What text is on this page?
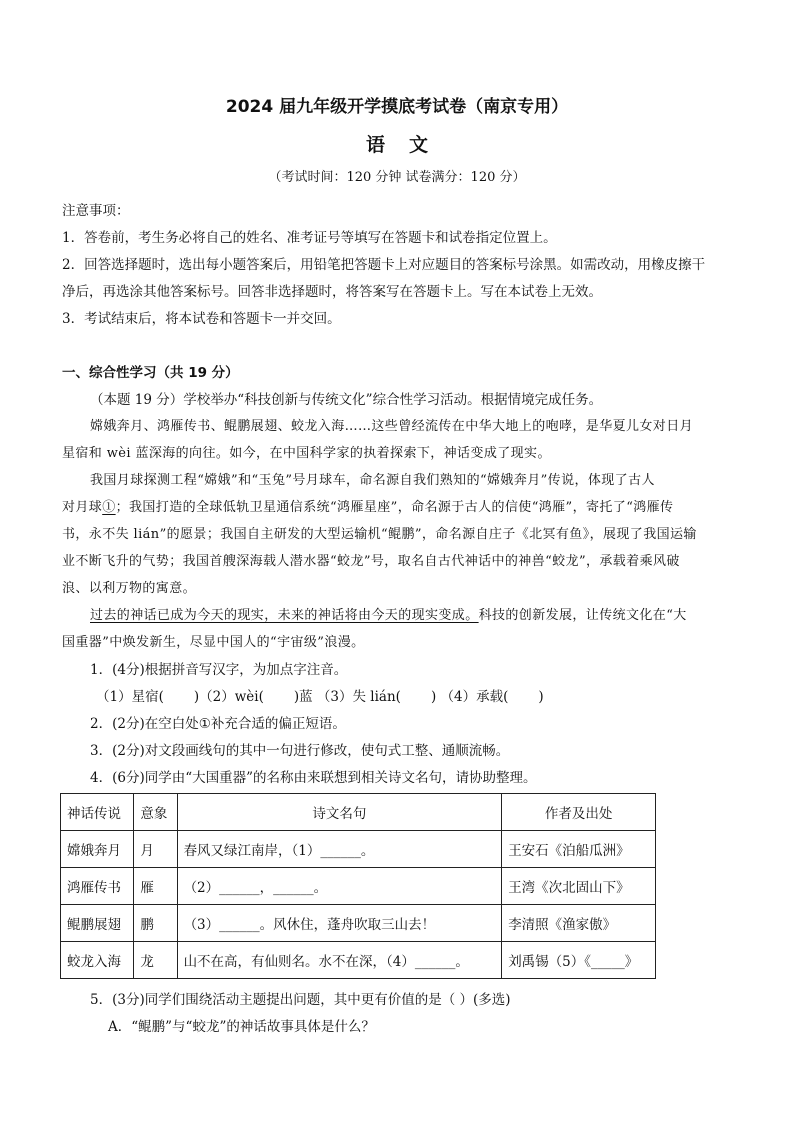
2024 届九年级开学摸底考试卷（南京专用）
语文
（考试时间：120 分钟 试卷满分：120 分）
注意事项：
1．答卷前，考生务必将自己的姓名、准考证号等填写在答题卡和试卷指定位置上。
2．回答选择题时，选出每小题答案后，用铅笔把答题卡上对应题目的答案标号涂黑。如需改动，用橡皮擦干
净后，再选涂其他答案标号。回答非选择题时，将答案写在答题卡上。写在本试卷上无效。
3．考试结束后，将本试卷和答题卡一并交回。
一、综合性学习（共 19 分）
（本题 19 分）学校举办“科技创新与传统文化”综合性学习活动。根据情境完成任务。
嫦娥奔月、鸿雁传书、鲲鹏展翅、蛟龙入海……这些曾经流传在中华大地上的咆哮，是华夏儿女对日月
星宿和 wèi 蓝深海的向往。如今，在中国科学家的执着探索下，神话变成了现实。
我国月球探测工程“嫦娥”和“玉兔”号月球车，命名源自我们熟知的“嫦娥奔月”传说，体现了古人
对月球①；我国打造的全球低轨卫星通信系统“鸿雁星座”，命名源于古人的信使“鸿雁”，寄托了“鸿雁传
书，永不失 lián”的愿景；我国自主研发的大型运输机“鲲鹏”，命名源自庄子《北冥有鱼》，展现了我国运输
业不断飞升的气势；我国首艘深海载人潜水器“蛟龙”号，取名自古代神话中的神兽“蛟龙”，承载着乘风破
浪、以利万物的寓意。
过去的神话已成为今天的现实，未来的神话将由今天的现实变成。科技的创新发展，让传统文化在“大
国重器”中焕发新生，尽显中国人的“宇宙级”浪漫。
1．(4分)根据拼音写汉字，为加点字注音。
（1）星宿( )（2）wèi( )蓝 （3）失 lián( ) （4）承载( )
2．(2分)在空白处①补充合适的偏正短语。
3．(2分)对文段画线句的其中一句进行修改，使句式工整、通顺流畅。
4．(6分)同学由“大国重器”的名称由来联想到相关诗文名句，请协助整理。
神话传说	意象	诗文名句	作者及出处
嫦娥奔月	月	春风又绿江南岸，（1）______。	王安石《泊船瓜洲》
鸿雁传书	雁	（2）______，______。	王湾《次北固山下》
鲲鹏展翅	鹏	（3）______。风休住，蓬舟吹取三山去！	李清照《渔家傲》
蛟龙入海	龙	山不在高，有仙则名。水不在深，（4）______。	刘禹锡（5）《_____》
5．(3分)同学们围绕活动主题提出问题，其中更有价值的是（ ）(多选)
A．“鲲鹏”与“蛟龙”的神话故事具体是什么？
